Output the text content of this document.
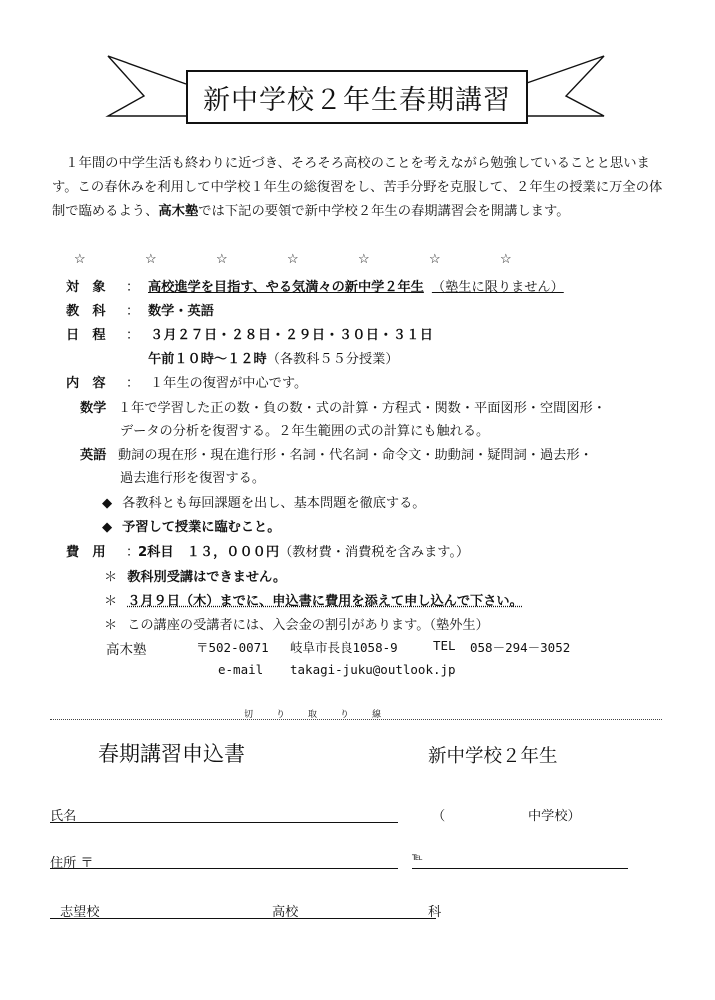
新中学校２年生春期講習

１年間の中学生活も終わりに近づき、そろそろ高校のことを考えながら勉強していることと思います。この春休みを利用して中学校１年生の総復習をし、苦手分野を克服して、２年生の授業に万全の体制で臨めるよう、高木塾では下記の要領で新中学校２年生の春期講習会を開講します。

☆	☆	☆	☆	☆	☆	☆
対　象 ： 高校進学を目指す、やる気満々の新中学２年生 （塾生に限りません）
教　科 ： 数学・英語
日　程 ： ３月２７日・２８日・２９日・３０日・３１日
午前１０時～１２時（各教科５５分授業）
内　容 ： １年生の復習が中心です。
数学 １年で学習した正の数・負の数・式の計算・方程式・関数・平面図形・空間図形・
データの分析を復習する。２年生範囲の式の計算にも触れる。
英語 動詞の現在形・現在進行形・名詞・代名詞・命令文・助動詞・疑問詞・過去形・
過去進行形を復習する。
◆ 各教科とも毎回課題を出し、基本問題を徹底する。
◆ 予習して授業に臨むこと。
費　用 ：
2科目　１３，０００円（教材費・消費税を含みます。）
＊ 教科別受講はできません。
＊ ３月９日（木）までに、申込書に費用を添えて申し込んで下さい。
＊ この講座の受講者には、入会金の割引があります。（塾外生）
高木塾	〒502-0071 岐阜市長良1058-9	TEL 058－294－3052
e-mail takagi-juku@outlook.jp
切 り 取 り 線
春期講習申込書	新中学校２年生
氏名	（	中学校）
住所 〒	℡
志望校	高校	科
